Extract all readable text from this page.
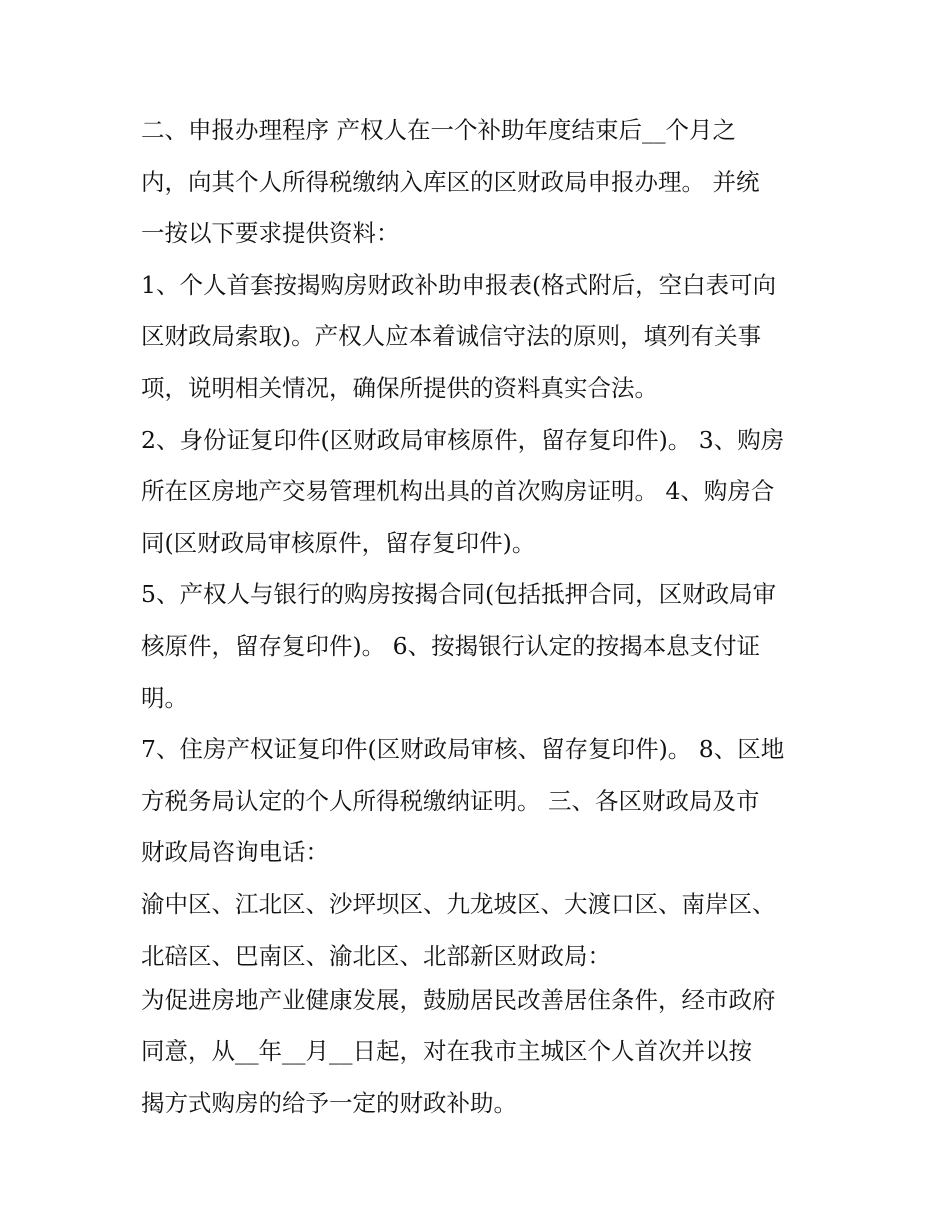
二、申报办理程序 产权人在一个补助年度结束后__个月之
内，向其个人所得税缴纳入库区的区财政局申报办理。 并统
一按以下要求提供资料：
1、个人首套按揭购房财政补助申报表(格式附后，空白表可向
区财政局索取)。产权人应本着诚信守法的原则，填列有关事
项，说明相关情况，确保所提供的资料真实合法。
2、身份证复印件(区财政局审核原件，留存复印件)。 3、购房
所在区房地产交易管理机构出具的首次购房证明。 4、购房合
同(区财政局审核原件，留存复印件)。
5、产权人与银行的购房按揭合同(包括抵押合同，区财政局审
核原件，留存复印件)。 6、按揭银行认定的按揭本息支付证
明。
7、住房产权证复印件(区财政局审核、留存复印件)。 8、区地
方税务局认定的个人所得税缴纳证明。 三、各区财政局及市
财政局咨询电话：
渝中区、江北区、沙坪坝区、九龙坡区、大渡口区、南岸区、
北碚区、巴南区、渝北区、北部新区财政局：
为促进房地产业健康发展，鼓励居民改善居住条件，经市政府
同意，从__年__月__日起，对在我市主城区个人首次并以按
揭方式购房的给予一定的财政补助。
